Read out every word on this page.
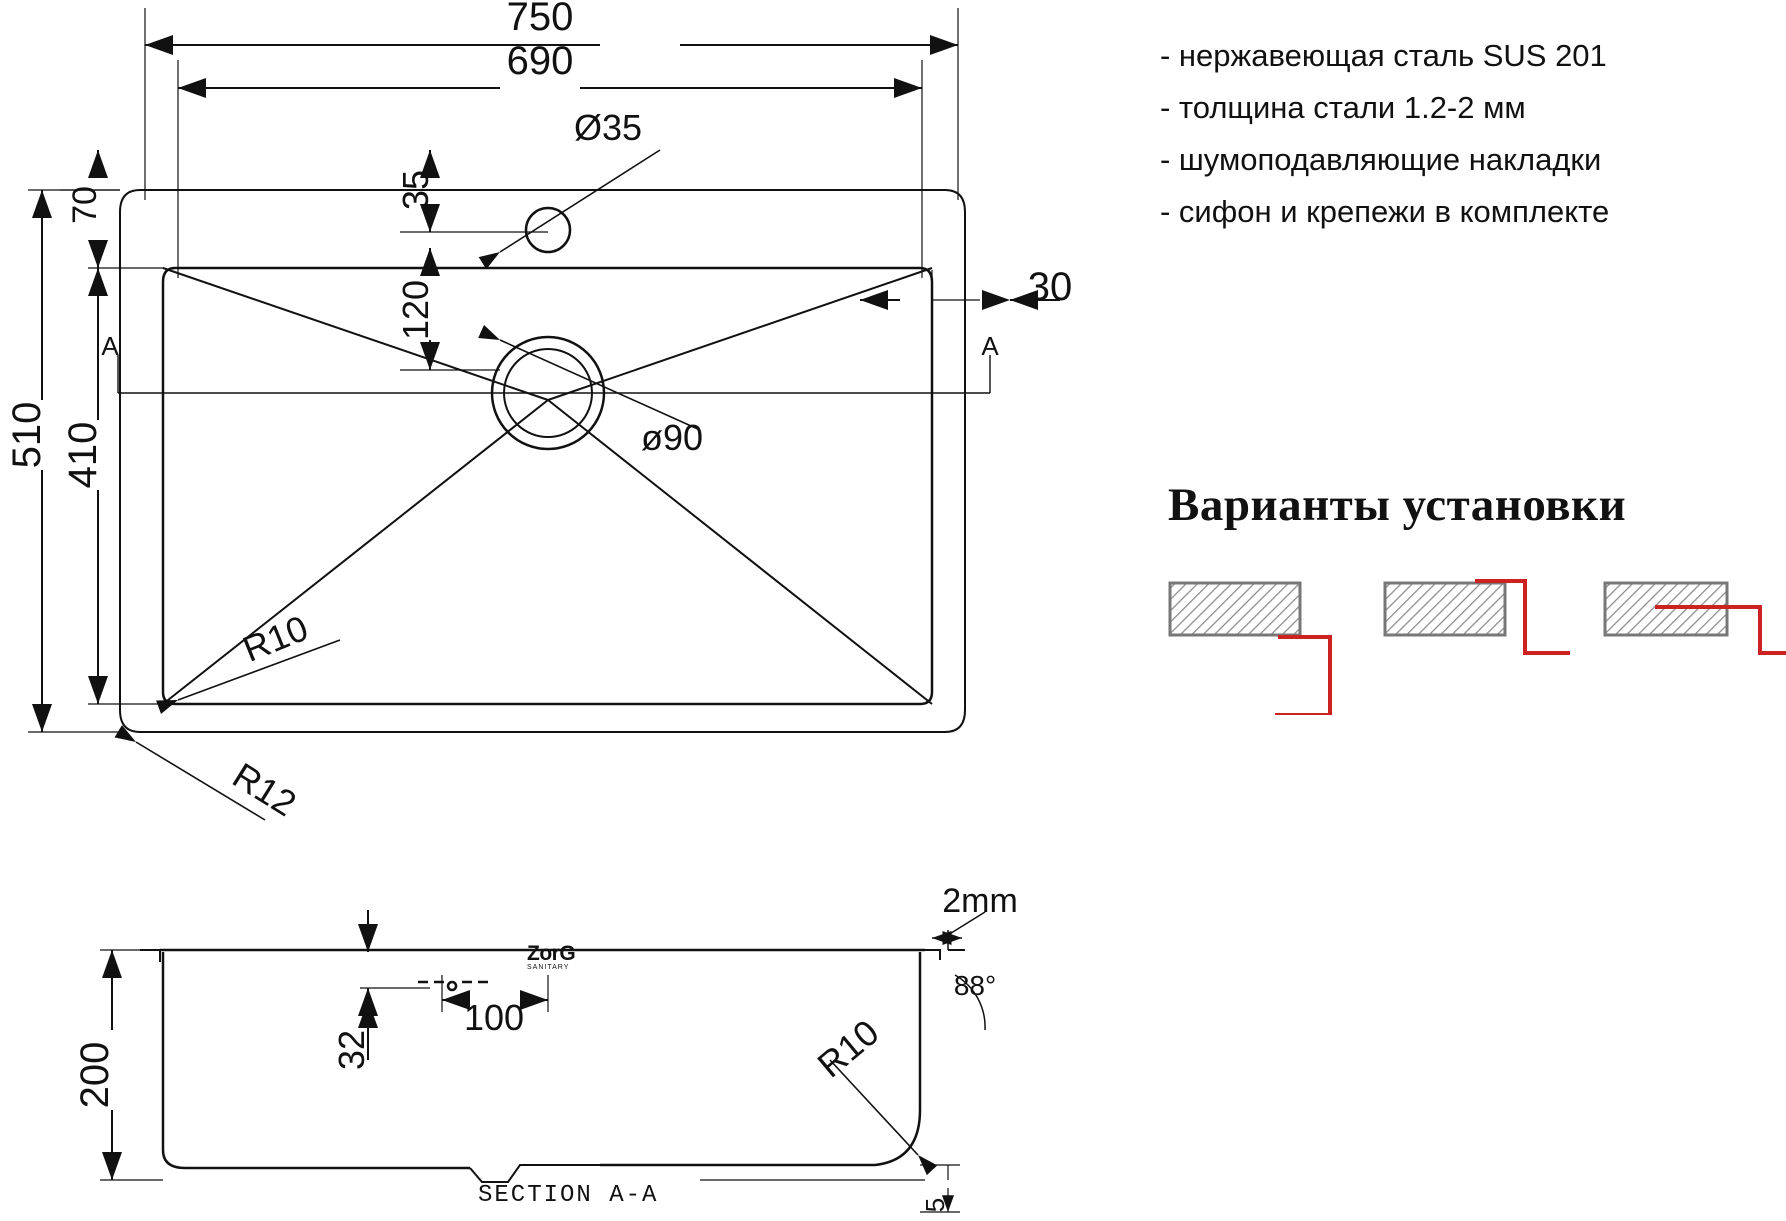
750
690
510 410
70	35
120
Ø35
ø90
30
R10
R12
A	A
200	32
100
2mm
88°
R10
5
- нержавеющая сталь SUS 201
- толщина стали 1.2-2 мм
- шумоподавляющие накладки
- сифон и крепежи в комплекте
Варианты установки
ZorG
SANITARY
SECTION A-A
